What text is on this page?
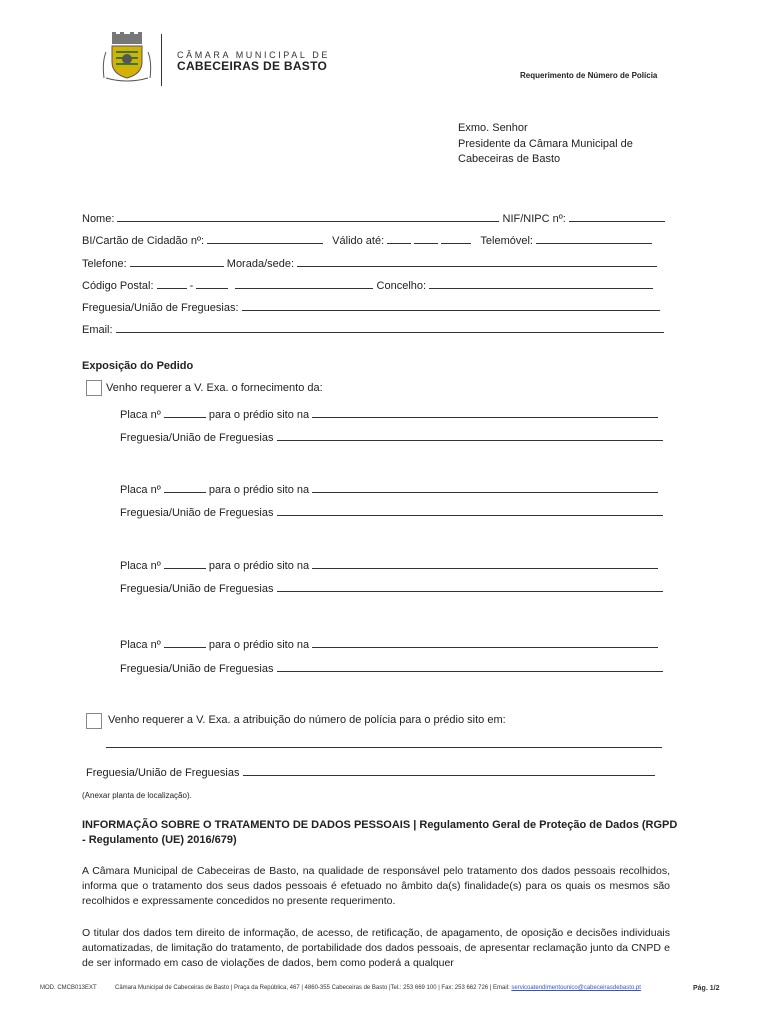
CÂMARA MUNICIPAL DE
CABECEIRAS DE BASTO
Requerimento de Número de Polícia
Exmo. Senhor
Presidente da Câmara Municipal de
Cabeceiras de Basto
Nome:	NIF/NIPC nº:
BI/Cartão de Cidadão nº:	Válido até:	Telemóvel:
Telefone:	Morada/sede:
Código Postal:	-	Concelho:
Freguesia/União de Freguesias:
Email:
Exposição do Pedido
Venho requerer a V. Exa. o fornecimento da:
Placa nº	para o prédio sito na
Freguesia/União de Freguesias
Placa nº	para o prédio sito na
Freguesia/União de Freguesias
Placa nº	para o prédio sito na
Freguesia/União de Freguesias
Placa nº	para o prédio sito na
Freguesia/União de Freguesias
Venho requerer a V. Exa. a atribuição do número de polícia para o prédio sito em:
Freguesia/União de Freguesias
(Anexar planta de localização).
INFORMAÇÃO SOBRE O TRATAMENTO DE DADOS PESSOAIS | Regulamento Geral de Proteção de Dados (RGPD
- Regulamento (UE) 2016/679)
A Câmara Municipal de Cabeceiras de Basto, na qualidade de responsável pelo tratamento dos dados pessoais recolhidos, informa que o tratamento dos seus dados pessoais é efetuado no âmbito da(s) finalidade(s) para os quais os mesmos são recolhidos e expressamente concedidos no presente requerimento.
O titular dos dados tem direito de informação, de acesso, de retificação, de apagamento, de oposição e decisões individuais automatizadas, de limitação do tratamento, de portabilidade dos dados pessoais, de apresentar reclamação junto da CNPD e de ser informado em caso de violações de dados, bem como poderá a qualquer
MOD. CMCB013EXT	Câmara Municipal de Cabeceiras de Basto | Praça da República, 467 | 4860-355 Cabeceiras de Basto |Tel.: 253 669 100 | Fax: 253 662 726 | Email: servicoatendimentounico@cabeceirasdebasto.pt	Pág. 1/2
